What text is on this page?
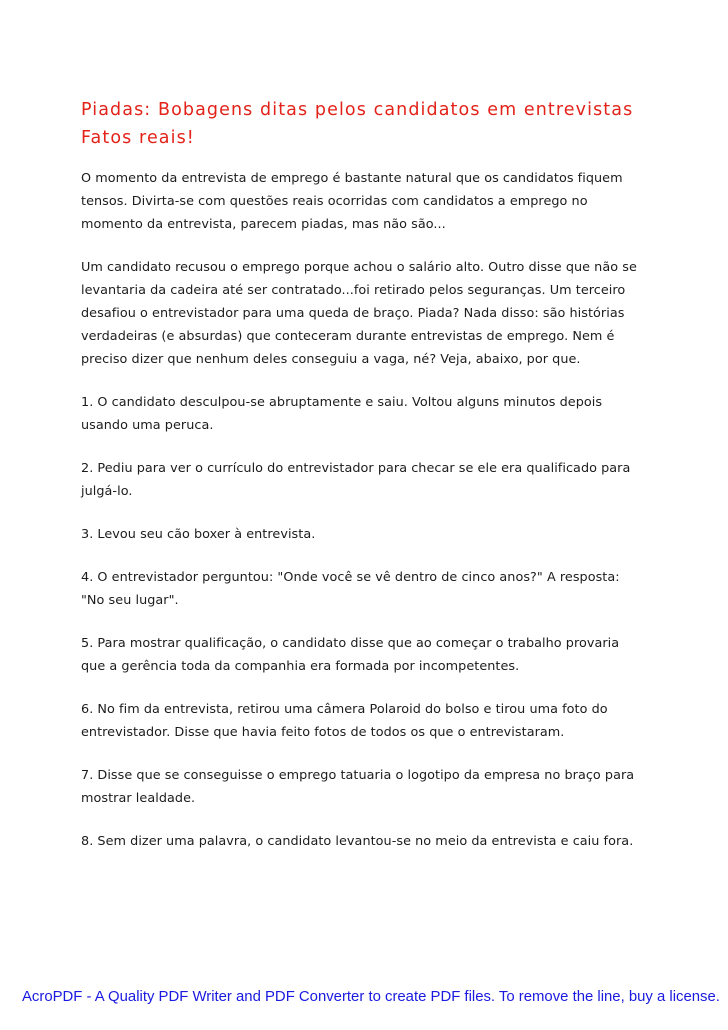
Piadas: Bobagens ditas pelos candidatos em entrevistas
Fatos reais!

O momento da entrevista de emprego é bastante natural que os candidatos fiquem tensos. Divirta-se com questões reais ocorridas com candidatos a emprego no momento da entrevista, parecem piadas, mas não são...

Um candidato recusou o emprego porque achou o salário alto. Outro disse que não se levantaria da cadeira até ser contratado...foi retirado pelos seguranças. Um terceiro desafiou o entrevistador para uma queda de braço. Piada? Nada disso: são histórias verdadeiras (e absurdas) que conteceram durante entrevistas de emprego. Nem é preciso dizer que nenhum deles conseguiu a vaga, né? Veja, abaixo, por que.

1. O candidato desculpou-se abruptamente e saiu. Voltou alguns minutos depois usando uma peruca.

2. Pediu para ver o currículo do entrevistador para checar se ele era qualificado para julgá-lo.

3. Levou seu cão boxer à entrevista.

4. O entrevistador perguntou: "Onde você se vê dentro de cinco anos?" A resposta: "No seu lugar".

5. Para mostrar qualificação, o candidato disse que ao começar o trabalho provaria que a gerência toda da companhia era formada por incompetentes.

6. No fim da entrevista, retirou uma câmera Polaroid do bolso e tirou uma foto do entrevistador. Disse que havia feito fotos de todos os que o entrevistaram.

7. Disse que se conseguisse o emprego tatuaria o logotipo da empresa no braço para mostrar lealdade.

8. Sem dizer uma palavra, o candidato levantou-se no meio da entrevista e caiu fora.

AcroPDF - A Quality PDF Writer and PDF Converter to create PDF files. To remove the line, buy a license.
